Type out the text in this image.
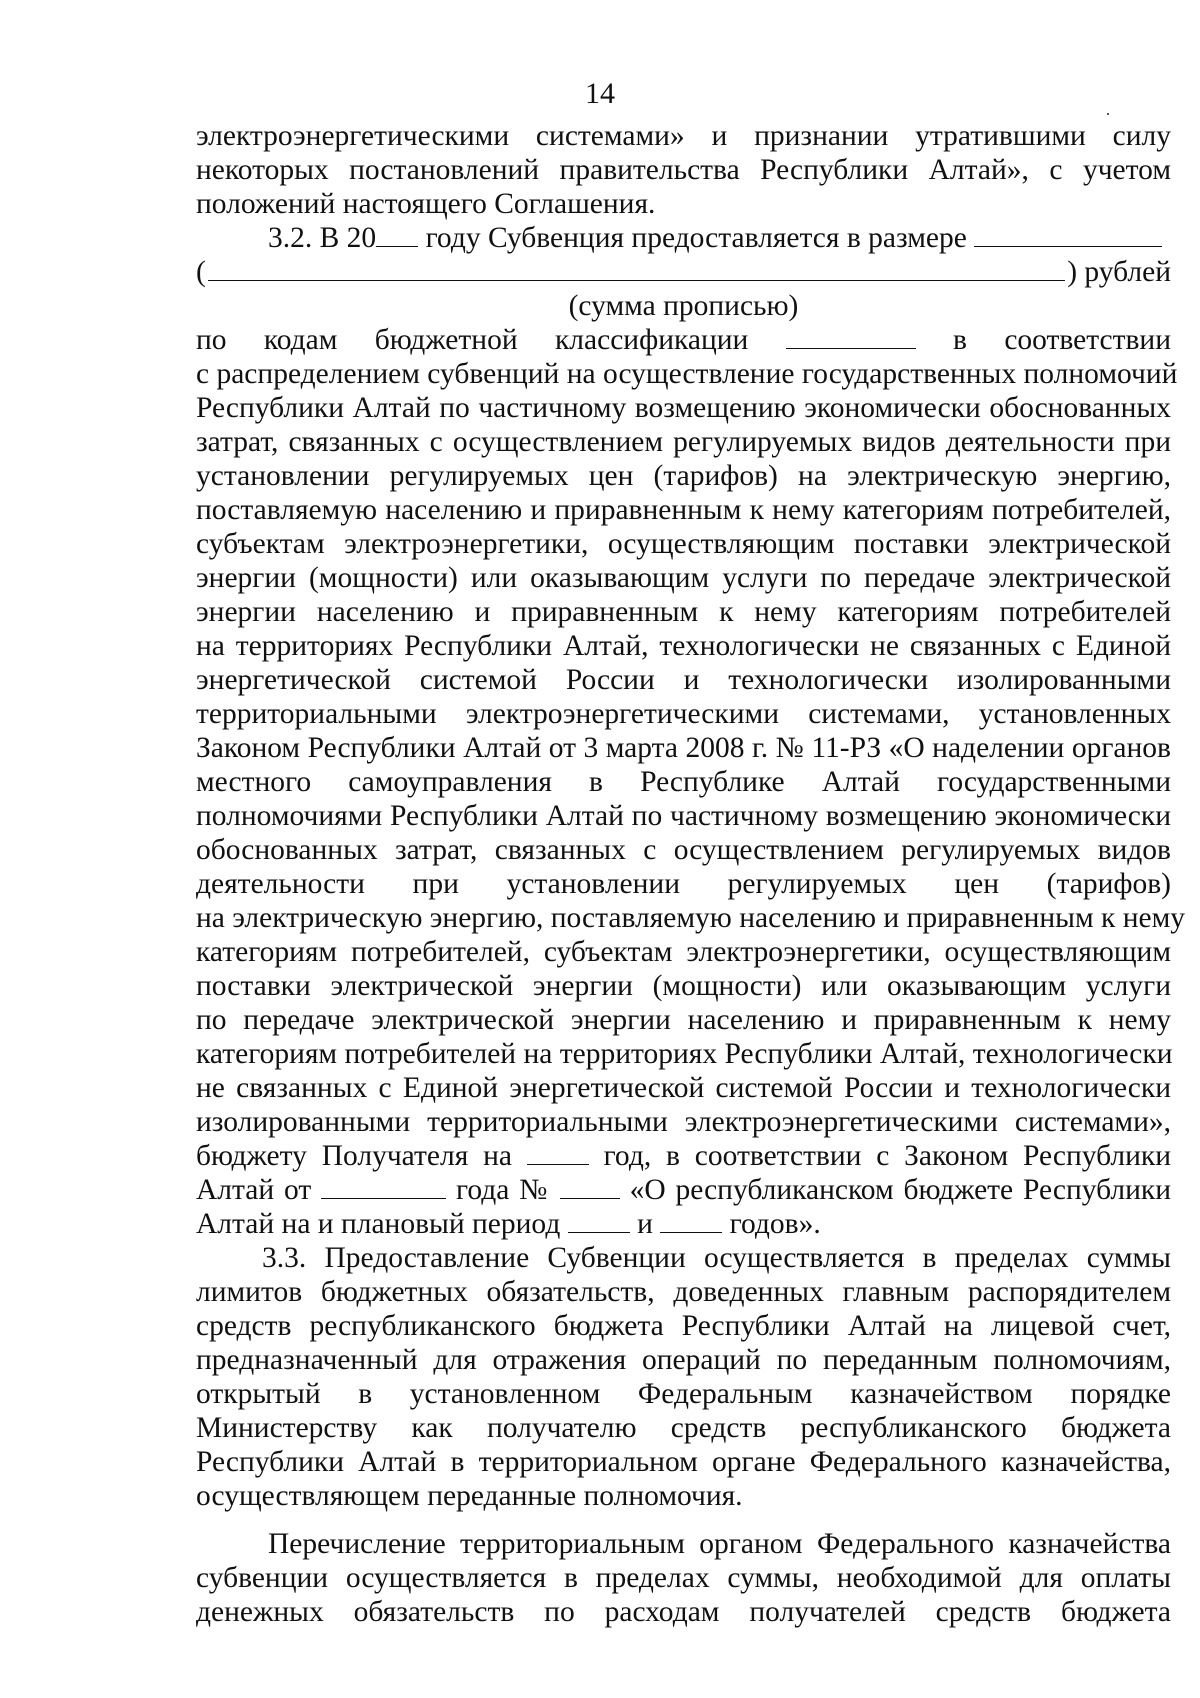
14
электроэнергетическими системами» и признании утратившими силу
некоторых постановлений правительства Республики Алтай», с учетом
положений настоящего Соглашения.
3.2. В 20 году Субвенция предоставляется в размере
(	) рублей
(сумма прописью)
по кодам бюджетной классификации	в соответствии
с распределением субвенций на осуществление государственных полномочий
Республики Алтай по частичному возмещению экономически обоснованных
затрат, связанных с осуществлением регулируемых видов деятельности при
установлении регулируемых цен (тарифов) на электрическую энергию,
поставляемую населению и приравненным к нему категориям потребителей,
субъектам электроэнергетики, осуществляющим поставки электрической
энергии (мощности) или оказывающим услуги по передаче электрической
энергии населению и приравненным к нему категориям потребителей
на территориях Республики Алтай, технологически не связанных с Единой
энергетической системой России и технологически изолированными
территориальными электроэнергетическими системами, установленных
Законом Республики Алтай от 3 марта 2008 г. № 11-РЗ «О наделении органов
местного самоуправления в Республике Алтай государственными
полномочиями Республики Алтай по частичному возмещению экономически
обоснованных затрат, связанных с осуществлением регулируемых видов
деятельности при установлении регулируемых цен (тарифов)
на электрическую энергию, поставляемую населению и приравненным к нему
категориям потребителей, субъектам электроэнергетики, осуществляющим
поставки электрической энергии (мощности) или оказывающим услуги
по передаче электрической энергии населению и приравненным к нему
категориям потребителей на территориях Республики Алтай, технологически
не связанных с Единой энергетической системой России и технологически
изолированными территориальными электроэнергетическими системами»,
бюджету Получателя на  год, в соответствии с Законом Республики
Алтай от	года №  «О республиканском бюджете Республики
Алтай на и плановый период  и  годов».
3.3. Предоставление Субвенции осуществляется в пределах суммы
лимитов бюджетных обязательств, доведенных главным распорядителем
средств республиканского бюджета Республики Алтай на лицевой счет,
предназначенный для отражения операций по переданным полномочиям,
открытый в установленном Федеральным казначейством порядке
Министерству как получателю средств республиканского бюджета
Республики Алтай в территориальном органе Федерального казначейства,
осуществляющем переданные полномочия.
Перечисление территориальным органом Федерального казначейства
субвенции осуществляется в пределах суммы, необходимой для оплаты
денежных обязательств по расходам получателей средств бюджета
